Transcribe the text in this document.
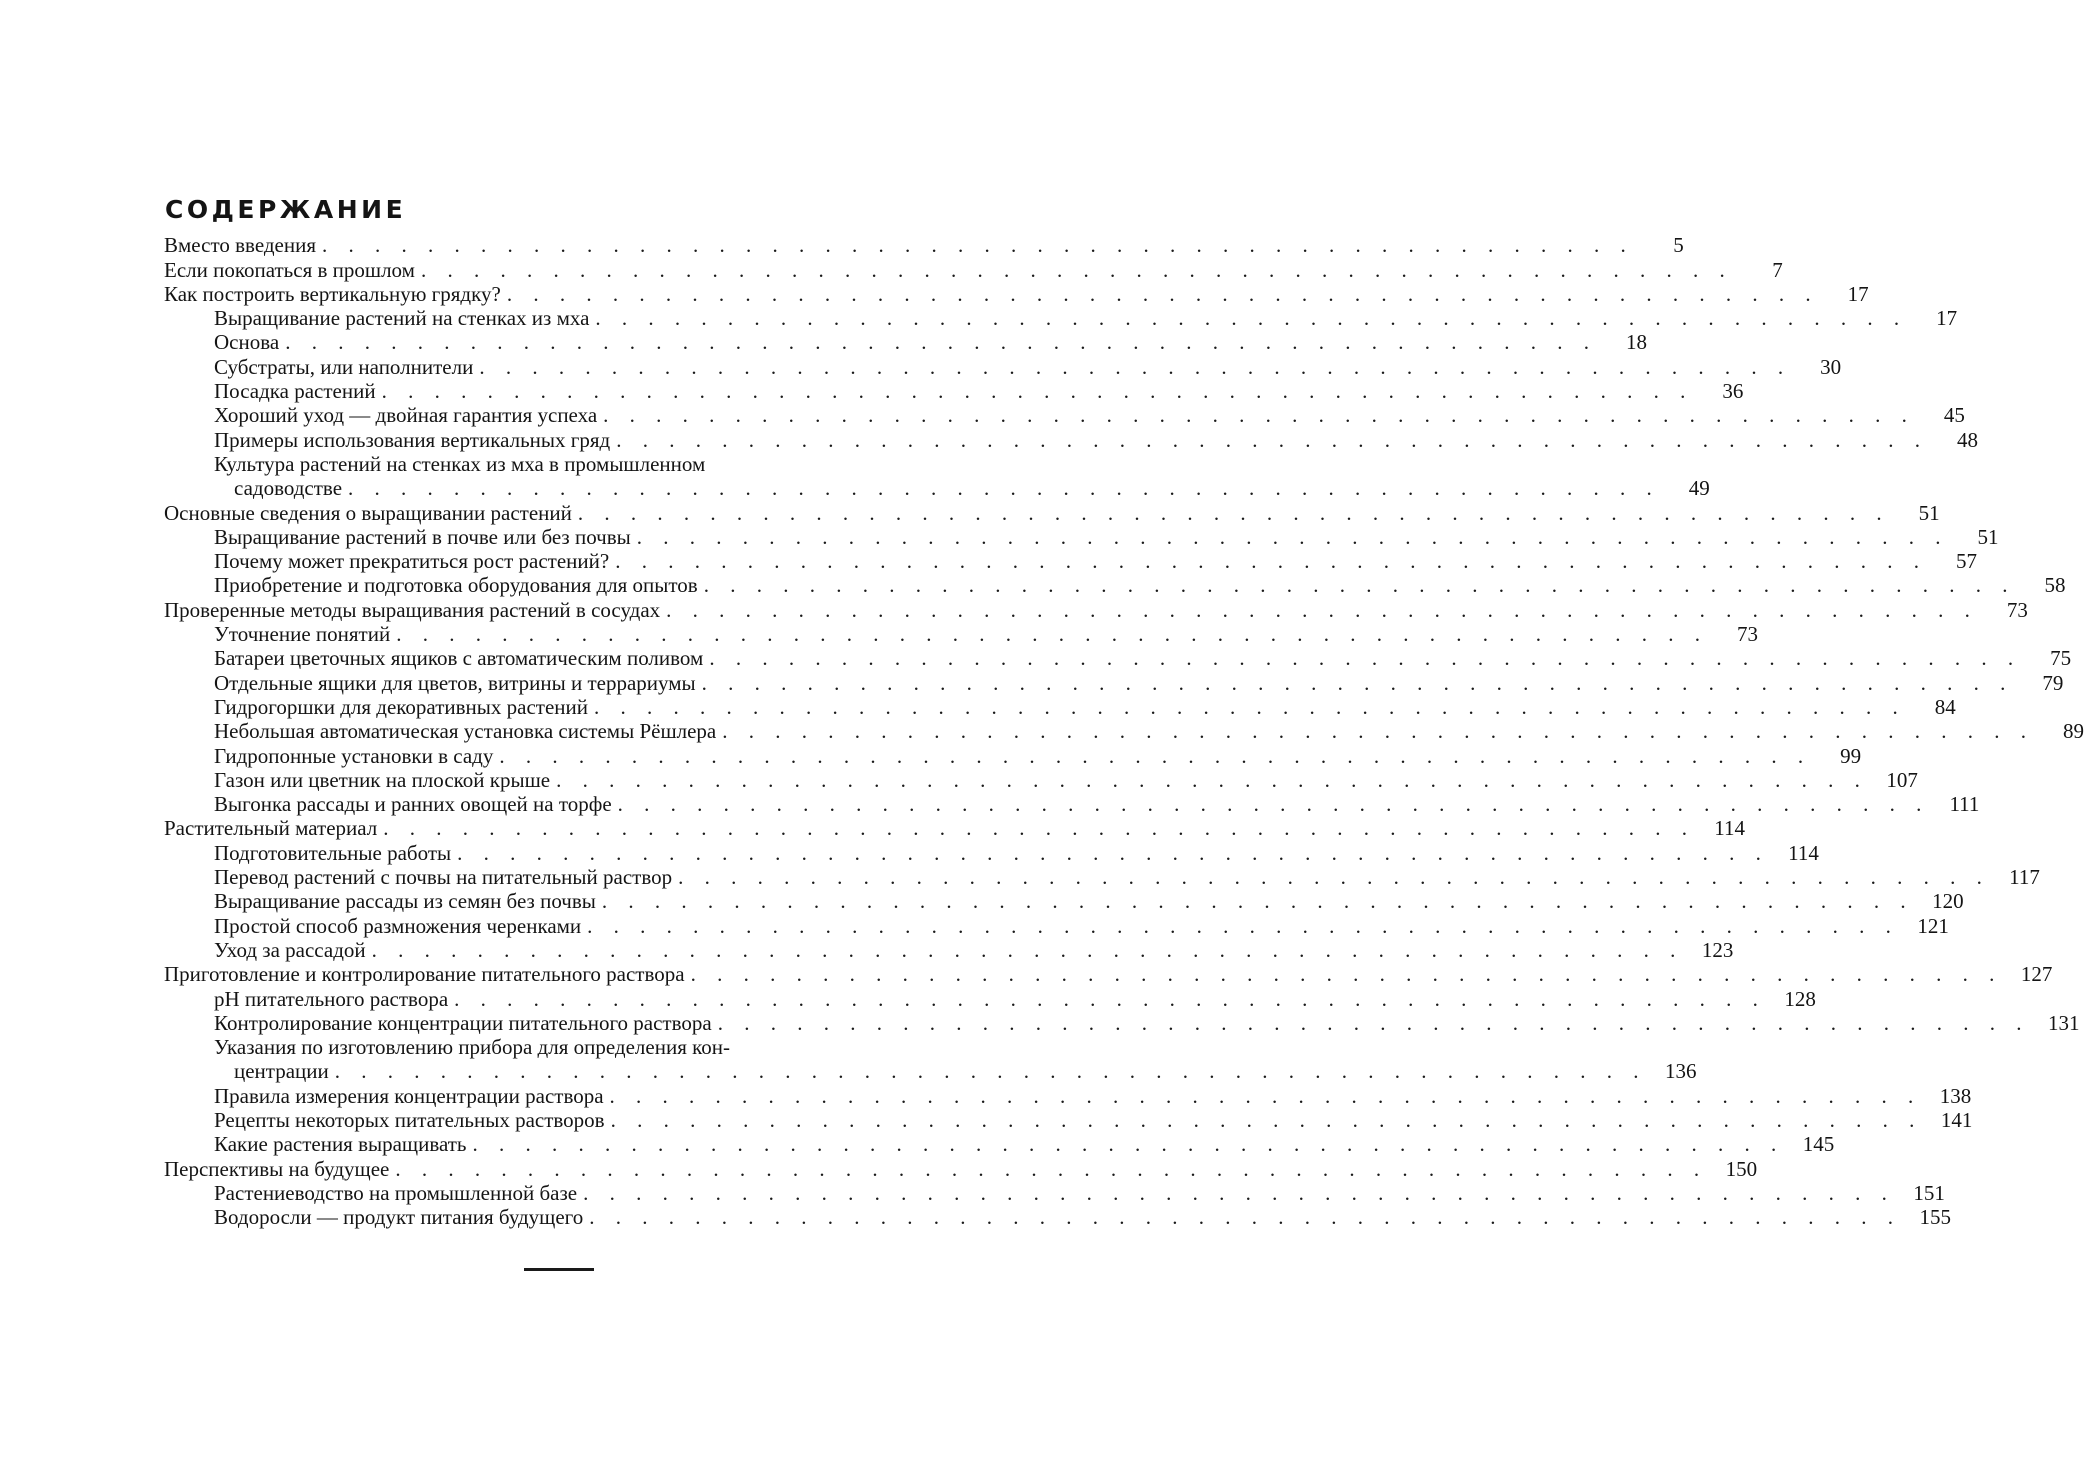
СОДЕРЖАНИЕ
Вместо введения . . . . . . . . . . . . . . . . . . . . . . . . . . . . . . . . . . . . . . . . . . . . . . . . . .	5
Если покопаться в прошлом . . . . . . . . . . . . . . . . . . . . . . . . . . . . . . . . . . . . . . . . . . . . . . . . . .	7
Как построить вертикальную грядку? . . . . . . . . . . . . . . . . . . . . . . . . . . . . . . . . . . . . . . . . . . . . . . . . . .	17
Выращивание растений на стенках из мха . . . . . . . . . . . . . . . . . . . . . . . . . . . . . . . . . . . . . . . . . . . . . . . . . .	17
Основа . . . . . . . . . . . . . . . . . . . . . . . . . . . . . . . . . . . . . . . . . . . . . . . . . .	18
Субстраты, или наполнители . . . . . . . . . . . . . . . . . . . . . . . . . . . . . . . . . . . . . . . . . . . . . . . . . .	30
Посадка растений . . . . . . . . . . . . . . . . . . . . . . . . . . . . . . . . . . . . . . . . . . . . . . . . . .	36
Хороший уход — двойная гарантия успеха . . . . . . . . . . . . . . . . . . . . . . . . . . . . . . . . . . . . . . . . . . . . . . . . . .	45
Примеры использования вертикальных гряд . . . . . . . . . . . . . . . . . . . . . . . . . . . . . . . . . . . . . . . . . . . . . . . . . .	48
Культура растений на стенках из мха в промышленном
садоводстве . . . . . . . . . . . . . . . . . . . . . . . . . . . . . . . . . . . . . . . . . . . . . . . . . .	49
Основные сведения о выращивании растений . . . . . . . . . . . . . . . . . . . . . . . . . . . . . . . . . . . . . . . . . . . . . . . . . .	51
Выращивание растений в почве или без почвы . . . . . . . . . . . . . . . . . . . . . . . . . . . . . . . . . . . . . . . . . . . . . . . . . .	51
Почему может прекратиться рост растений? . . . . . . . . . . . . . . . . . . . . . . . . . . . . . . . . . . . . . . . . . . . . . . . . . .	57
Приобретение и подготовка оборудования для опытов . . . . . . . . . . . . . . . . . . . . . . . . . . . . . . . . . . . . . . . . . . . . . . . . . .	58
Проверенные методы выращивания растений в сосудах . . . . . . . . . . . . . . . . . . . . . . . . . . . . . . . . . . . . . . . . . . . . . . . . . .	73
Уточнение понятий . . . . . . . . . . . . . . . . . . . . . . . . . . . . . . . . . . . . . . . . . . . . . . . . . .	73
Батареи цветочных ящиков с автоматическим поливом . . . . . . . . . . . . . . . . . . . . . . . . . . . . . . . . . . . . . . . . . . . . . . . . . .	75
Отдельные ящики для цветов, витрины и террариумы . . . . . . . . . . . . . . . . . . . . . . . . . . . . . . . . . . . . . . . . . . . . . . . . . .	79
Гидрогоршки для декоративных растений . . . . . . . . . . . . . . . . . . . . . . . . . . . . . . . . . . . . . . . . . . . . . . . . . .	84
Небольшая автоматическая установка системы Рёшлера . . . . . . . . . . . . . . . . . . . . . . . . . . . . . . . . . . . . . . . . . . . . . . . . . .	89
Гидропонные установки в саду . . . . . . . . . . . . . . . . . . . . . . . . . . . . . . . . . . . . . . . . . . . . . . . . . .	99
Газон или цветник на плоской крыше . . . . . . . . . . . . . . . . . . . . . . . . . . . . . . . . . . . . . . . . . . . . . . . . . . 107
Выгонка рассады и ранних овощей на торфе . . . . . . . . . . . . . . . . . . . . . . . . . . . . . . . . . . . . . . . . . . . . . . . . . . 111
Растительный материал . . . . . . . . . . . . . . . . . . . . . . . . . . . . . . . . . . . . . . . . . . . . . . . . . . 114
Подготовительные работы . . . . . . . . . . . . . . . . . . . . . . . . . . . . . . . . . . . . . . . . . . . . . . . . . . 114
Перевод растений с почвы на питательный раствор . . . . . . . . . . . . . . . . . . . . . . . . . . . . . . . . . . . . . . . . . . . . . . . . . . 117
Выращивание рассады из семян без почвы . . . . . . . . . . . . . . . . . . . . . . . . . . . . . . . . . . . . . . . . . . . . . . . . . . 120
Простой способ размножения черенками . . . . . . . . . . . . . . . . . . . . . . . . . . . . . . . . . . . . . . . . . . . . . . . . . . 121
Уход за рассадой . . . . . . . . . . . . . . . . . . . . . . . . . . . . . . . . . . . . . . . . . . . . . . . . . . 123
Приготовление и контролирование питательного раствора . . . . . . . . . . . . . . . . . . . . . . . . . . . . . . . . . . . . . . . . . . . . . . . . . . 127
рН питательного раствора . . . . . . . . . . . . . . . . . . . . . . . . . . . . . . . . . . . . . . . . . . . . . . . . . . 128
Контролирование концентрации питательного раствора . . . . . . . . . . . . . . . . . . . . . . . . . . . . . . . . . . . . . . . . . . . . . . . . . . 131
Указания по изготовлению прибора для определения кон-
центрации . . . . . . . . . . . . . . . . . . . . . . . . . . . . . . . . . . . . . . . . . . . . . . . . . . 136
Правила измерения концентрации раствора . . . . . . . . . . . . . . . . . . . . . . . . . . . . . . . . . . . . . . . . . . . . . . . . . . 138
Рецепты некоторых питательных растворов . . . . . . . . . . . . . . . . . . . . . . . . . . . . . . . . . . . . . . . . . . . . . . . . . . 141
Какие растения выращивать . . . . . . . . . . . . . . . . . . . . . . . . . . . . . . . . . . . . . . . . . . . . . . . . . . 145
Перспективы на будущее . . . . . . . . . . . . . . . . . . . . . . . . . . . . . . . . . . . . . . . . . . . . . . . . . . 150
Растениеводство на промышленной базе . . . . . . . . . . . . . . . . . . . . . . . . . . . . . . . . . . . . . . . . . . . . . . . . . . 151
Водоросли — продукт питания будущего . . . . . . . . . . . . . . . . . . . . . . . . . . . . . . . . . . . . . . . . . . . . . . . . . . 155
